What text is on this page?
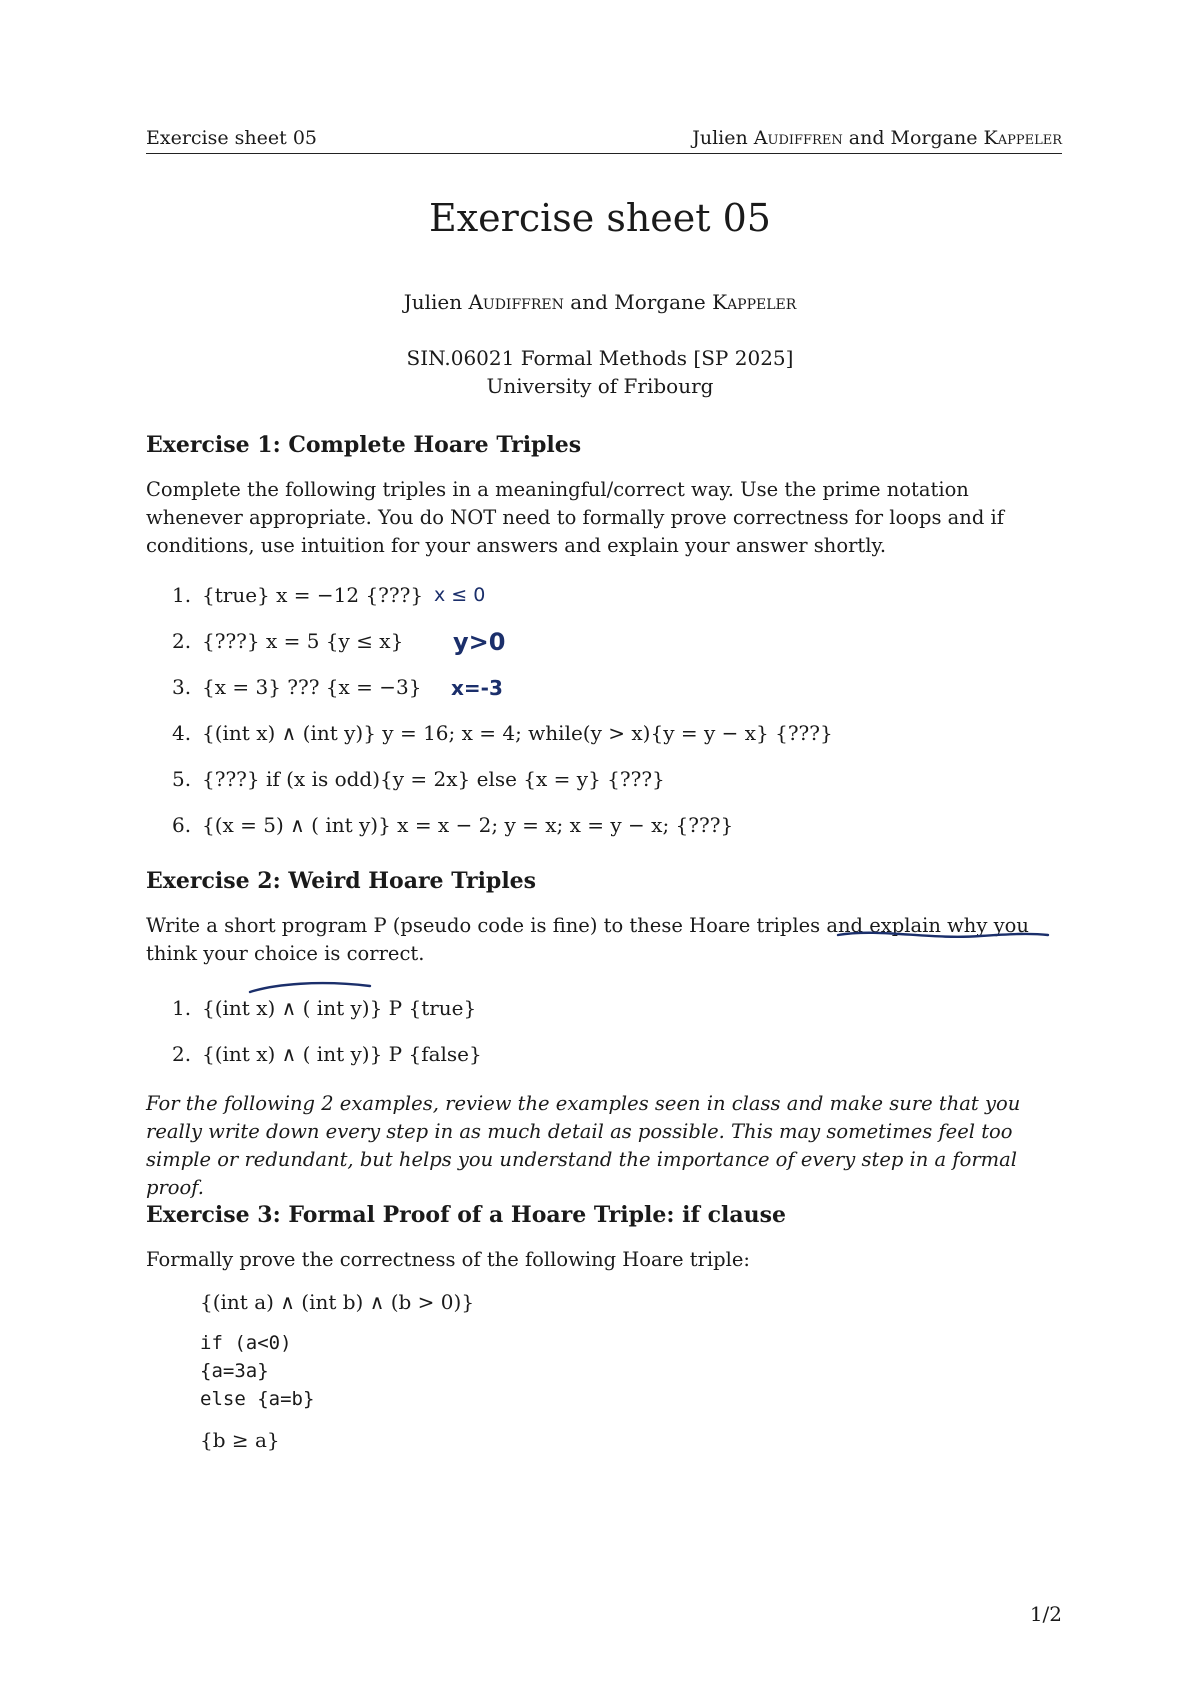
Exercise sheet 05	Julien Audiffren and Morgane Kappeler
Exercise sheet 05
Julien Audiffren and Morgane Kappeler
SIN.06021 Formal Methods [SP 2025]
University of Fribourg
Exercise 1: Complete Hoare Triples
Complete the following triples in a meaningful/correct way. Use the prime notation whenever appropriate. You do NOT need to formally prove correctness for loops and if conditions, use intuition for your answers and explain your answer shortly.
1. {true} x = −12 {???}
2. {???} x = 5 {y ≤ x}
3. {x = 3} ??? {x = −3}
4. {(int x) ∧ (int y)} y = 16; x = 4; while(y > x){y = y − x} {???}
5. {???} if (x is odd){y = 2x} else {x = y} {???}
6. {(x = 5) ∧ ( int y)} x = x − 2; y = x; x = y − x; {???}
x ≤ 0
y>0
x=-3
Exercise 2: Weird Hoare Triples
Write a short program P (pseudo code is fine) to these Hoare triples and explain why you think your choice is correct.
1. {(int x) ∧ ( int y)} P {true}
2. {(int x) ∧ ( int y)} P {false}
For the following 2 examples, review the examples seen in class and make sure that you really write down every step in as much detail as possible. This may sometimes feel too simple or redundant, but helps you understand the importance of every step in a formal proof.
Exercise 3: Formal Proof of a Hoare Triple: if clause
Formally prove the correctness of the following Hoare triple:
{(int a) ∧ (int b) ∧ (b > 0)}
if (a<0)
{a=3a}
else {a=b}
{b ≥ a}
1/2
